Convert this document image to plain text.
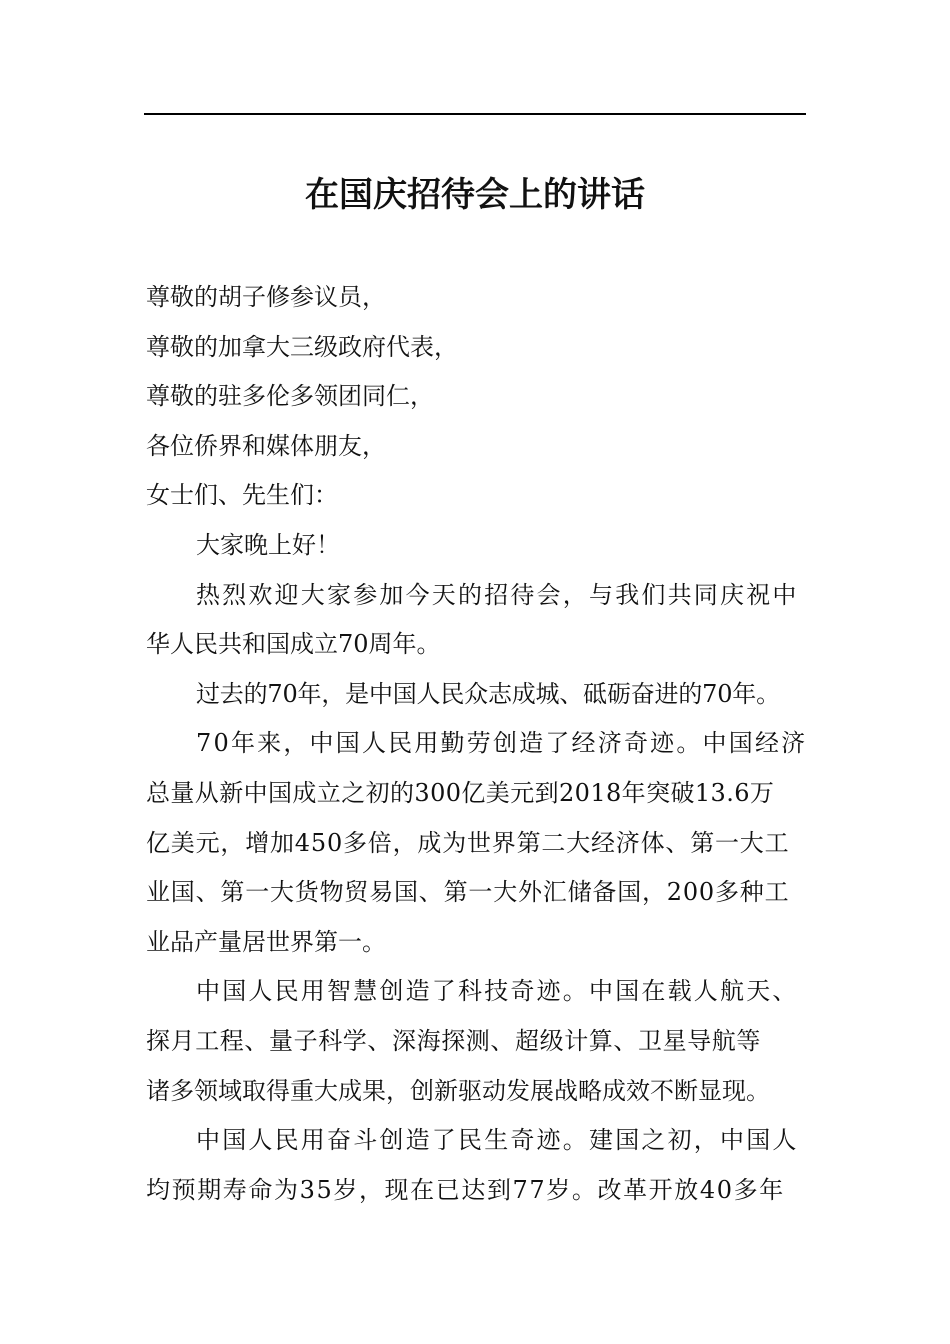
在国庆招待会上的讲话
尊敬的胡子修参议员，
尊敬的加拿大三级政府代表，
尊敬的驻多伦多领团同仁，
各位侨界和媒体朋友，
女士们、先生们：
大家晚上好！
热烈欢迎大家参加今天的招待会，与我们共同庆祝中
华人民共和国成立70周年。
过去的70年，是中国人民众志成城、砥砺奋进的70年。
70年来，中国人民用勤劳创造了经济奇迹。中国经济
总量从新中国成立之初的300亿美元到2018年突破13.6万
亿美元，增加450多倍，成为世界第二大经济体、第一大工
业国、第一大货物贸易国、第一大外汇储备国，200多种工
业品产量居世界第一。
中国人民用智慧创造了科技奇迹。中国在载人航天、
探月工程、量子科学、深海探测、超级计算、卫星导航等
诸多领域取得重大成果，创新驱动发展战略成效不断显现。
中国人民用奋斗创造了民生奇迹。建国之初，中国人
均预期寿命为35岁，现在已达到77岁。改革开放40多年
